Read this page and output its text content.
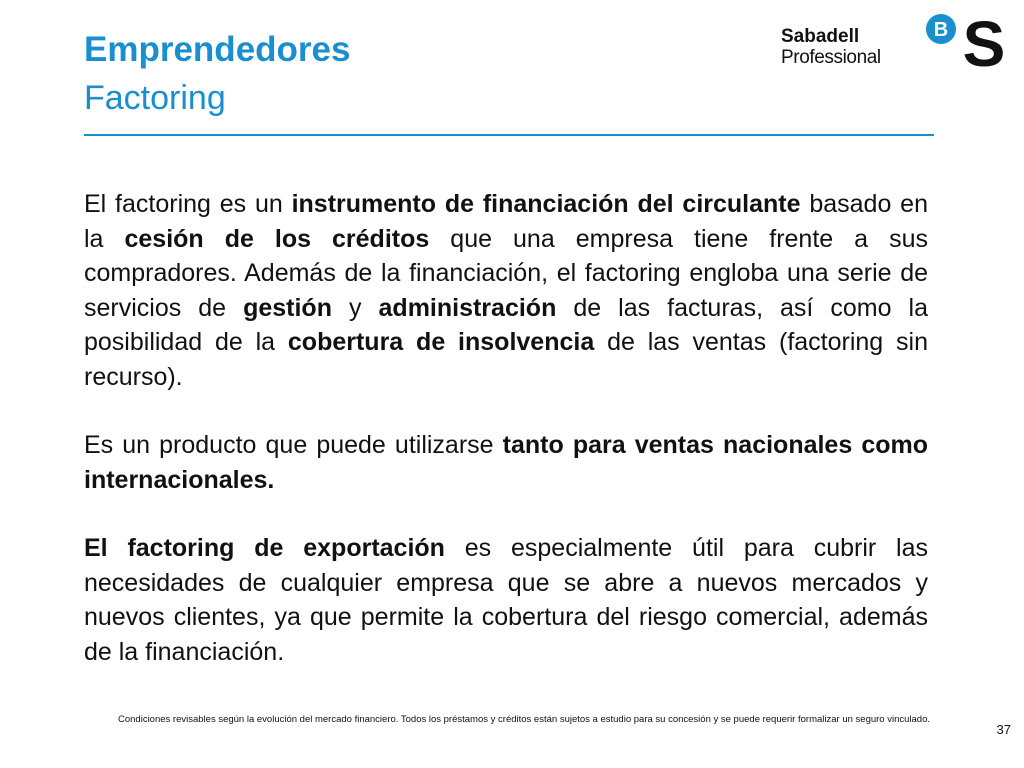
Emprendedores
Factoring
Sabadell
Professional
B S

El factoring es un instrumento de financiación del circulante basado en la cesión de los créditos que una empresa tiene frente a sus compradores. Además de la financiación, el factoring engloba una serie de servicios de gestión y administración de las facturas, así como la posibilidad de la cobertura de insolvencia de las ventas (factoring sin recurso).

Es un producto que puede utilizarse tanto para ventas nacionales como internacionales.

El factoring de exportación es especialmente útil para cubrir las necesidades de cualquier empresa que se abre a nuevos mercados y nuevos clientes, ya que permite la cobertura del riesgo comercial, además de la financiación.

Condiciones revisables según la evolución del mercado financiero. Todos los préstamos y créditos están sujetos a estudio para su concesión y se puede requerir formalizar un seguro vinculado.
37
